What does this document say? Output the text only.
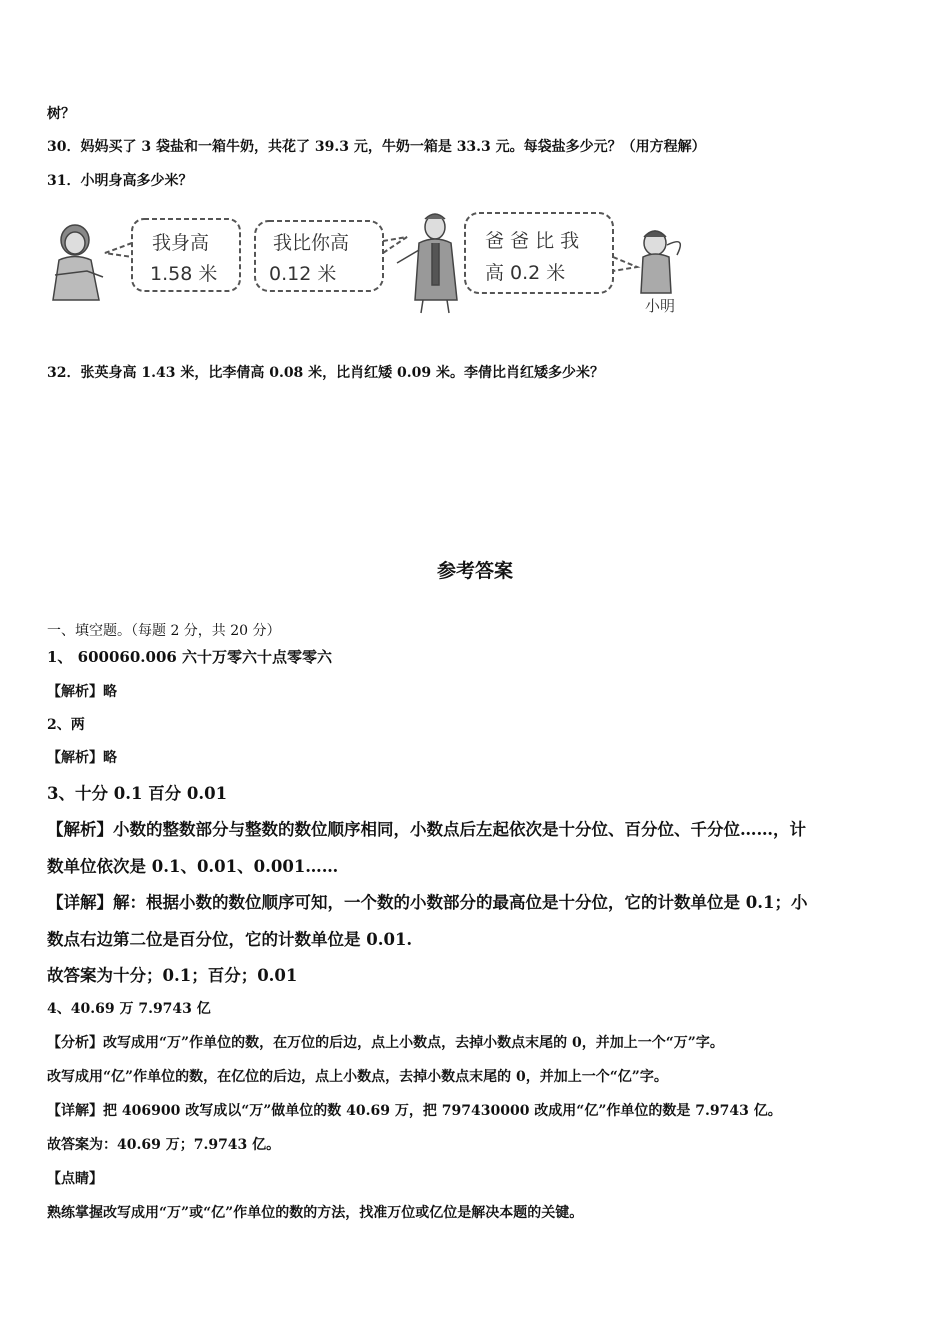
树？
30．妈妈买了 3 袋盐和一箱牛奶，共花了 39.3 元，牛奶一箱是 33.3 元。每袋盐多少元？（用方程解）
31．小明身高多少米？
我身高
1.58 米
我比你高
0.12 米
爸 爸 比 我
高 0.2 米
小明
32．张英身高 1.43 米，比李倩高 0.08 米，比肖红矮 0.09 米。李倩比肖红矮多少米？
参考答案
一、填空题。（每题 2 分，共 20 分）
1、 600060.006 六十万零六十点零零六
【解析】略
2、两
【解析】略
3、十分 0.1 百分 0.01
【解析】小数的整数部分与整数的数位顺序相同，小数点后左起依次是十分位、百分位、千分位……，计
数单位依次是 0.1、0.01、0.001……
【详解】解：根据小数的数位顺序可知，一个数的小数部分的最高位是十分位，它的计数单位是 0.1；小
数点右边第二位是百分位，它的计数单位是 0.01.
故答案为十分；0.1；百分；0.01
4、40.69 万 7.9743 亿
【分析】改写成用“万”作单位的数，在万位的后边，点上小数点，去掉小数点末尾的 0，并加上一个“万”字。
改写成用“亿”作单位的数，在亿位的后边，点上小数点，去掉小数点末尾的 0，并加上一个“亿”字。
【详解】把 406900 改写成以“万”做单位的数 40.69 万，把 797430000 改成用“亿”作单位的数是 7.9743 亿。
故答案为：40.69 万；7.9743 亿。
【点睛】
熟练掌握改写成用“万”或“亿”作单位的数的方法，找准万位或亿位是解决本题的关键。
